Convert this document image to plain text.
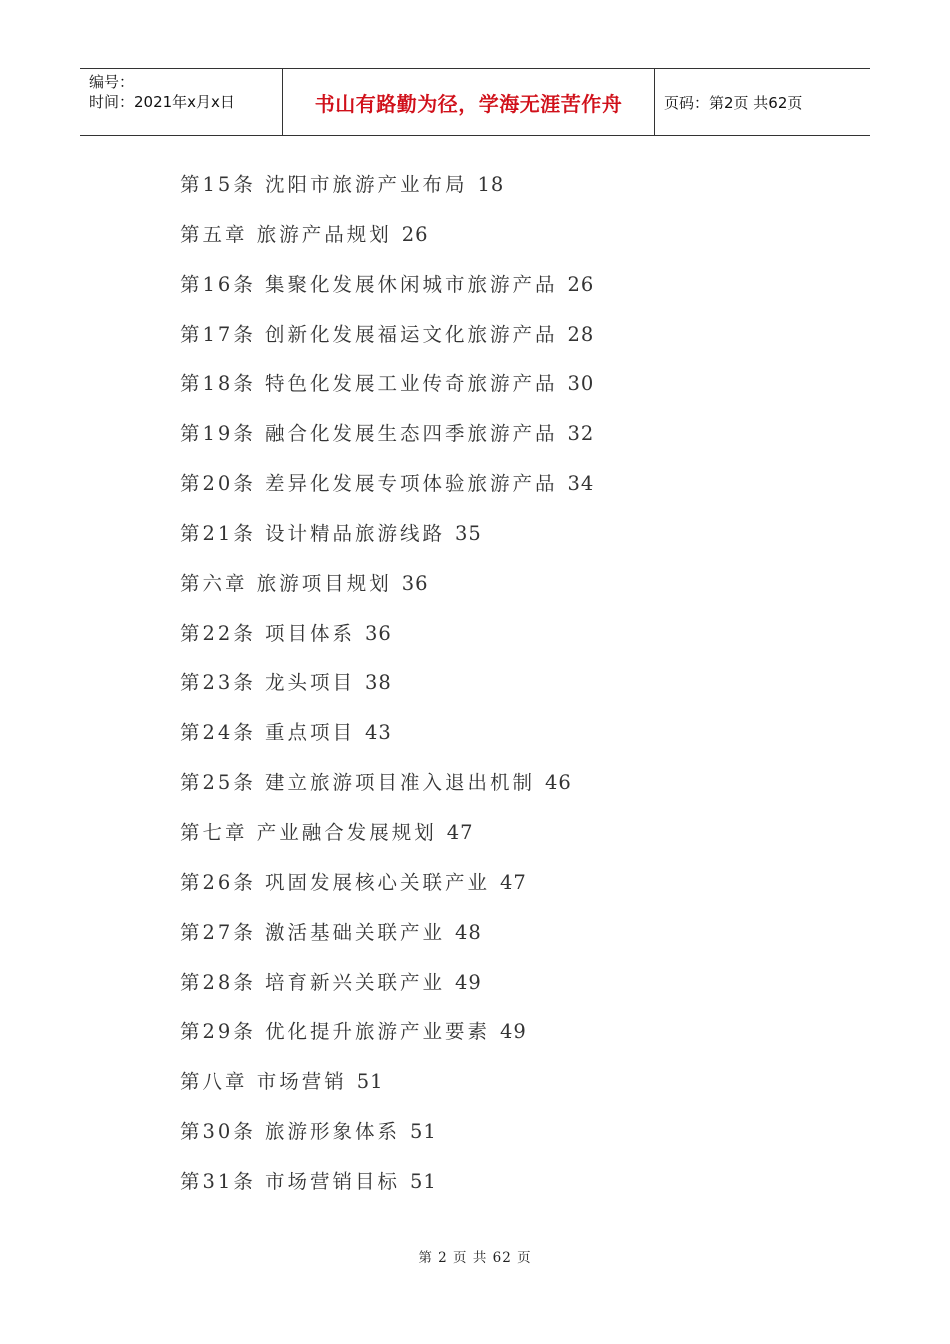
编号：
时间：2021年x月x日	书山有路勤为径，学海无涯苦作舟	页码：第2页 共62页
第15条 沈阳市旅游产业布局 18
第五章 旅游产品规划 26
第16条 集聚化发展休闲城市旅游产品 26
第17条 创新化发展福运文化旅游产品 28
第18条 特色化发展工业传奇旅游产品 30
第19条 融合化发展生态四季旅游产品 32
第20条 差异化发展专项体验旅游产品 34
第21条 设计精品旅游线路 35
第六章 旅游项目规划 36
第22条 项目体系 36
第23条 龙头项目 38
第24条 重点项目 43
第25条 建立旅游项目准入退出机制 46
第七章 产业融合发展规划 47
第26条 巩固发展核心关联产业 47
第27条 激活基础关联产业 48
第28条 培育新兴关联产业 49
第29条 优化提升旅游产业要素 49
第八章 市场营销 51
第30条 旅游形象体系 51
第31条 市场营销目标 51
第 2 页 共 62 页
